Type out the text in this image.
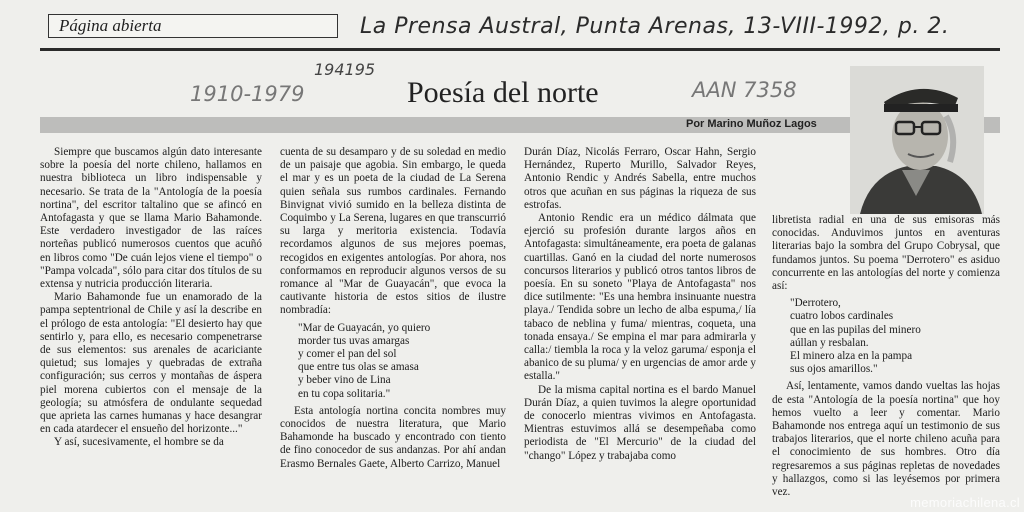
Página abierta	La Prensa Austral, Punta Arenas, 13-VIII-1992, p. 2.
194195
1910-1979	AAN 7358
Poesía del norte
Por Marino Muñoz Lagos

Siempre que buscamos algún dato interesante sobre la poesía del norte chileno, hallamos en nuestra biblioteca un libro indispensable y necesario. Se trata de la "Antología de la poesía nortina", del escritor taltalino que se afincó en Antofagasta y que se llama Mario Bahamonde. Este verdadero investigador de las raíces norteñas publicó numerosos cuentos que acuñó en libros como "De cuán lejos viene el tiempo" o "Pampa volcada", sólo para citar dos títulos de su extensa y nutricia producción literaria.

Mario Bahamonde fue un enamorado de la pampa septentrional de Chile y así la describe en el prólogo de esta antología: "El desierto hay que sentirlo y, para ello, es necesario compenetrarse de sus elementos: sus arenales de acariciante quietud; sus lomajes y quebradas de extraña configuración; sus cerros y montañas de áspera piel morena cubiertos con el mensaje de la geología; su atmósfera de ondulante sequedad que aprieta las carnes humanas y hace desangrar en cada atardecer el ensueño del horizonte..."

Y así, sucesivamente, el hombre se da

cuenta de su desamparo y de su soledad en medio de un paisaje que agobia. Sin embargo, le queda el mar y es un poeta de la ciudad de La Serena quien señala sus rumbos cardinales. Fernando Binvignat vivió sumido en la belleza distinta de Coquimbo y La Serena, lugares en que transcurrió su larga y meritoria existencia. Todavía recordamos algunos de sus mejores poemas, recogidos en exigentes antologías. Por ahora, nos conformamos en reproducir algunos versos de su romance al "Mar de Guayacán", que evoca la cautivante historia de estos sitios de ilustre nombradía:

"Mar de Guayacán, yo quiero
morder tus uvas amargas
y comer el pan del sol
que entre tus olas se amasa
y beber vino de Lina
en tu copa solitaria."

Esta antología nortina concita nombres muy conocidos de nuestra literatura, que Mario Bahamonde ha buscado y encontrado con tiento de fino conocedor de sus andanzas. Por ahí andan Erasmo Bernales Gaete, Alberto Carrizo, Manuel

Durán Díaz, Nicolás Ferraro, Oscar Hahn, Sergio Hernández, Ruperto Murillo, Salvador Reyes, Antonio Rendic y Andrés Sabella, entre muchos otros que acuñan en sus páginas la riqueza de sus estrofas.

Antonio Rendic era un médico dálmata que ejerció su profesión durante largos años en Antofagasta: simultáneamente, era poeta de galanas cuartillas. Ganó en la ciudad del norte numerosos concursos literarios y publicó otros tantos libros de poesía. En su soneto "Playa de Antofagasta" nos dice sutilmente: "Es una hembra insinuante nuestra playa./ Tendida sobre un lecho de alba espuma,/ lía tabaco de neblina y fuma/ mientras, coqueta, una tonada ensaya./ Se empina el mar para admirarla y calla:/ tiembla la roca y la veloz garuma/ esponja el abanico de su pluma/ y en urgencias de amor arde y estalla."

De la misma capital nortina es el bardo Manuel Durán Díaz, a quien tuvimos la alegre oportunidad de conocerlo mientras vivimos en Antofagasta. Mientras estuvimos allá se desempeñaba como periodista de "El Mercurio" de la ciudad del "chango" López y trabajaba como

libretista radial en una de sus emisoras más conocidas. Anduvimos juntos en aventuras literarias bajo la sombra del Grupo Cobrysal, que fundamos juntos. Su poema "Derrotero" es asiduo concurrente en las antologías del norte y comienza así:

"Derrotero,
cuatro lobos cardinales
que en las pupilas del minero
aúllan y resbalan.
El minero alza en la pampa
sus ojos amarillos."

Así, lentamente, vamos dando vueltas las hojas de esta "Antología de la poesía nortina" que hoy hemos vuelto a leer y comentar. Mario Bahamonde nos entrega aquí un testimonio de sus trabajos literarios, que el norte chileno acuña para el conocimiento de sus hombres. Otro día regresaremos a sus páginas repletas de novedades y hallazgos, como si las leyésemos por primera vez.

memoriachilena.cl
